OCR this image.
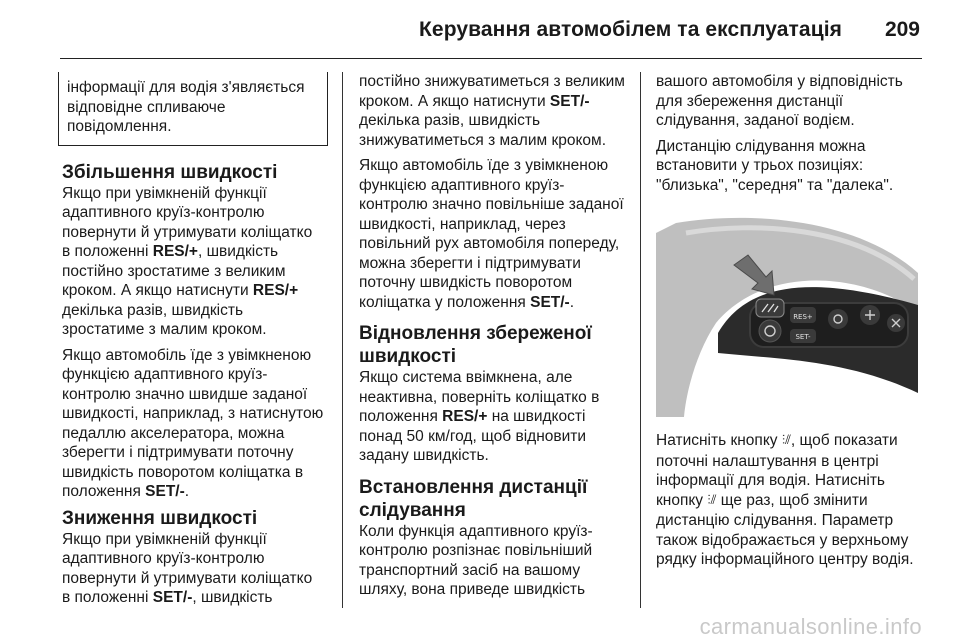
Керування автомобілем та експлуатація 209

інформації для водія з'являється відповідне спливаюче повідомлення.

Збільшення швидкості

Якщо при увімкненій функції адаптивного круїз-контролю повернути й утримувати коліщатко в положенні RES/+, швидкість постійно зростатиме з великим кроком. А якщо натиснути RES/+ декілька разів, швидкість зростатиме з малим кроком.

Якщо автомобіль їде з увімкненою функцією адаптивного круїз-контролю значно швидше заданої швидкості, наприклад, з натиснутою педаллю акселератора, можна зберегти і підтримувати поточну швидкість поворотом коліщатка в положення SET/-.

Зниження швидкості

Якщо при увімкненій функції адаптивного круїз-контролю повернути й утримувати коліщатко в положенні SET/-, швидкість

постійно знижуватиметься з великим кроком. А якщо натиснути SET/- декілька разів, швидкість знижуватиметься з малим кроком.

Якщо автомобіль їде з увімкненою функцією адаптивного круїз-контролю значно повільніше заданої швидкості, наприклад, через повільний рух автомобіля попереду, можна зберегти і підтримувати поточну швидкість поворотом коліщатка у положення SET/-.

Відновлення збереженої швидкості

Якщо система ввімкнена, але неактивна, поверніть коліщатко в положення RES/+ на швидкості понад 50 км/год, щоб відновити задану швидкість.

Встановлення дистанції слідування

Коли функція адаптивного круїз-контролю розпізнає повільніший транспортний засіб на вашому шляху, вона приведе швидкість

вашого автомобіля у відповідність для збереження дистанції слідування, заданої водієм.

Дистанцію слідування можна встановити у трьох позиціях: "близька", "середня" та "далека".

RES+
SET-

Натисніть кнопку ⫶⫽, щоб показати поточні налаштування в центрі інформації для водія. Натисніть кнопку ⫶⫽ ще раз, щоб змінити дистанцію слідування. Параметр також відображається у верхньому рядку інформаційного центру водія.

carmanualsonline.info
